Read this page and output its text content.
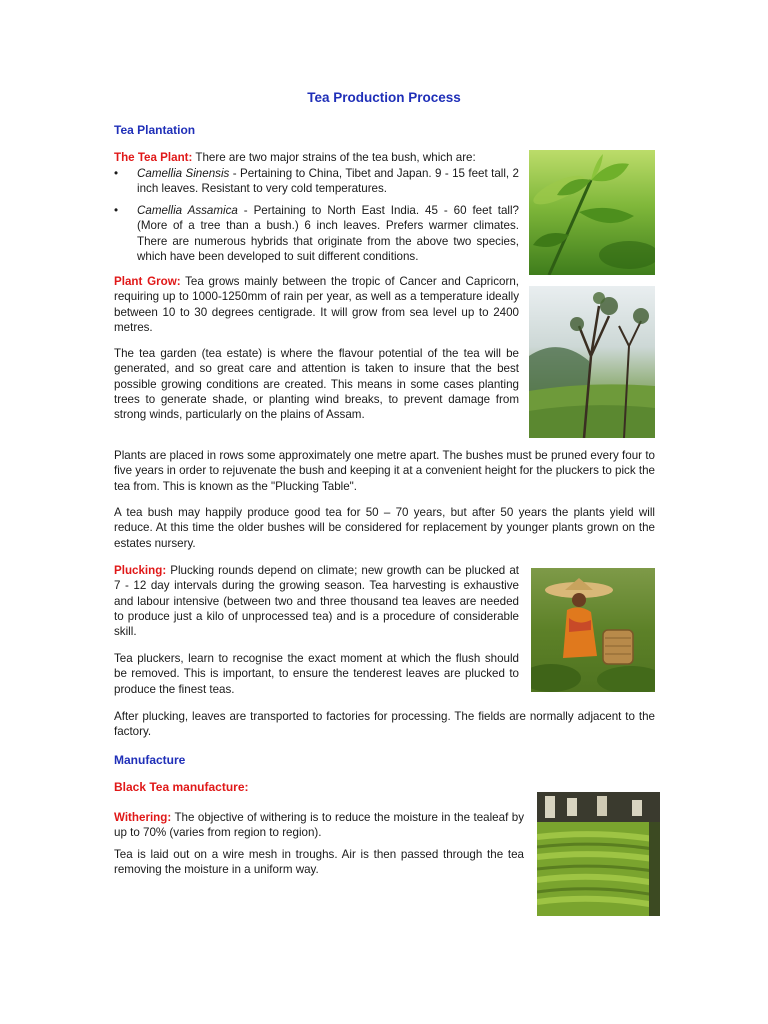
Tea Production Process
Tea Plantation

The Tea Plant: There are two major strains of the tea bush, which are:

• Camellia Sinensis - Pertaining to China, Tibet and Japan. 9 - 15 feet tall, 2 inch leaves. Resistant to very cold temperatures.
• Camellia Assamica - Pertaining to North East India. 45 - 60 feet tall? (More of a tree than a bush.) 6 inch leaves. Prefers warmer climates. There are numerous hybrids that originate from the above two species, which have been developed to suit different conditions.

Plant Grow: Tea grows mainly between the tropic of Cancer and Capricorn, requiring up to 1000-1250mm of rain per year, as well as a temperature ideally between 10 to 30 degrees centigrade. It will grow from sea level up to 2400 metres.

The tea garden (tea estate) is where the flavour potential of the tea will be generated, and so great care and attention is taken to insure that the best possible growing conditions are created. This means in some cases planting trees to generate shade, or planting wind breaks, to prevent damage from strong winds, particularly on the plains of Assam.

Plants are placed in rows some approximately one metre apart. The bushes must be pruned every four to five years in order to rejuvenate the bush and keeping it at a convenient height for the pluckers to pick the tea from. This is known as the "Plucking Table".

A tea bush may happily produce good tea for 50 – 70 years, but after 50 years the plants yield will reduce. At this time the older bushes will be considered for replacement by younger plants grown on the estates nursery.

Plucking: Plucking rounds depend on climate; new growth can be plucked at 7 - 12 day intervals during the growing season. Tea harvesting is exhaustive and labour intensive (between two and three thousand tea leaves are needed to produce just a kilo of unprocessed tea) and is a procedure of considerable skill.

Tea pluckers, learn to recognise the exact moment at which the flush should be removed. This is important, to ensure the tenderest leaves are plucked to produce the finest teas.

After plucking, leaves are transported to factories for processing. The fields are normally adjacent to the factory.

Manufacture
Black Tea manufacture:

Withering: The objective of withering is to reduce the moisture in the tealeaf by up to 70% (varies from region to region).

Tea is laid out on a wire mesh in troughs. Air is then passed through the tea removing the moisture in a uniform way.
